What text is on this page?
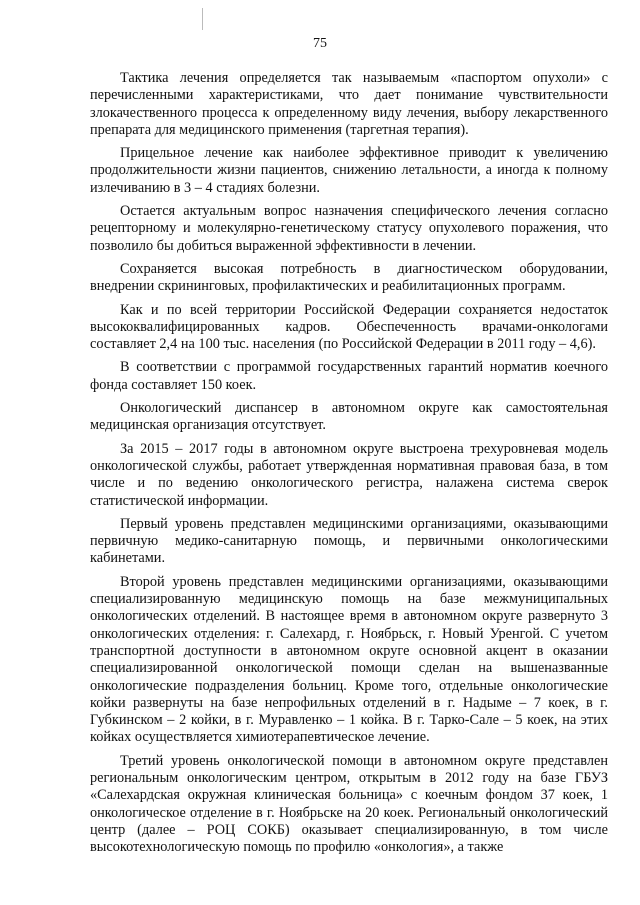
75

Тактика лечения определяется так называемым «паспортом опухоли» с перечисленными характеристиками, что дает понимание чувствительности злокачественного процесса к определенному виду лечения, выбору лекарственного препарата для медицинского применения (таргетная терапия).

Прицельное лечение как наиболее эффективное приводит к увеличению продолжительности жизни пациентов, снижению летальности, а иногда к полному излечиванию в 3 – 4 стадиях болезни.

Остается актуальным вопрос назначения специфического лечения согласно рецепторному и молекулярно-генетическому статусу опухолевого поражения, что позволило бы добиться выраженной эффективности в лечении.

Сохраняется высокая потребность в диагностическом оборудовании, внедрении скрининговых, профилактических и реабилитационных программ.

Как и по всей территории Российской Федерации сохраняется недостаток высококвалифицированных кадров. Обеспеченность врачами-онкологами составляет 2,4 на 100 тыс. населения (по Российской Федерации в 2011 году – 4,6).

В соответствии с программой государственных гарантий норматив коечного фонда составляет 150 коек.

Онкологический диспансер в автономном округе как самостоятельная медицинская организация отсутствует.

За 2015 – 2017 годы в автономном округе выстроена трехуровневая модель онкологической службы, работает утвержденная нормативная правовая база, в том числе и по ведению онкологического регистра, налажена система сверок статистической информации.

Первый уровень представлен медицинскими организациями, оказывающими первичную медико-санитарную помощь, и первичными онкологическими кабинетами.

Второй уровень представлен медицинскими организациями, оказывающими специализированную медицинскую помощь на базе межмуниципальных онкологических отделений. В настоящее время в автономном округе развернуто 3 онкологических отделения: г. Салехард, г. Ноябрьск, г. Новый Уренгой. С учетом транспортной доступности в автономном округе основной акцент в оказании специализированной онкологической помощи сделан на вышеназванные онкологические подразделения больниц. Кроме того, отдельные онкологические койки развернуты на базе непрофильных отделений в г. Надыме – 7 коек, в г. Губкинском – 2 койки, в г. Муравленко – 1 койка. В г. Тарко-Сале – 5 коек, на этих койках осуществляется химиотерапевтическое лечение.

Третий уровень онкологической помощи в автономном округе представлен региональным онкологическим центром, открытым в 2012 году на базе ГБУЗ «Салехардская окружная клиническая больница» с коечным фондом 37 коек, 1 онкологическое отделение в г. Ноябрьске на 20 коек. Региональный онкологический центр (далее – РОЦ СОКБ) оказывает специализированную, в том числе высокотехнологическую помощь по профилю «онкология», а также
